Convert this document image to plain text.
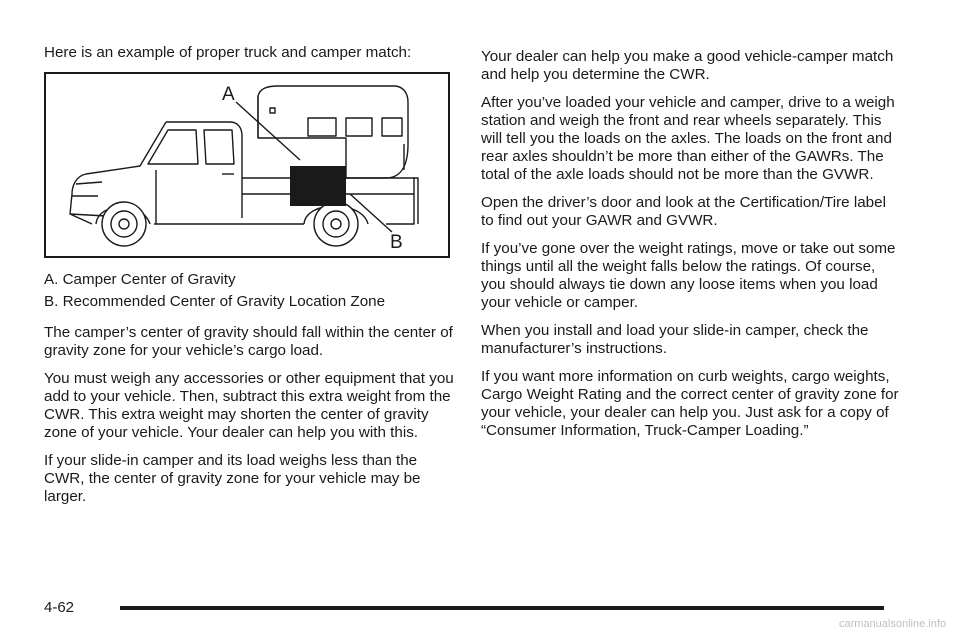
Here is an example of proper truck and camper match:

A
B

A. Camper Center of Gravity

B. Recommended Center of Gravity Location Zone

The camper’s center of gravity should fall within the center of gravity zone for your vehicle’s cargo load.

You must weigh any accessories or other equipment that you add to your vehicle. Then, subtract this extra weight from the CWR. This extra weight may shorten the center of gravity zone of your vehicle. Your dealer can help you with this.

If your slide-in camper and its load weighs less than the CWR, the center of gravity zone for your vehicle may be larger.

Your dealer can help you make a good vehicle-camper match and help you determine the CWR.

After you’ve loaded your vehicle and camper, drive to a weigh station and weigh the front and rear wheels separately. This will tell you the loads on the axles. The loads on the front and rear axles shouldn’t be more than either of the GAWRs. The total of the axle loads should not be more than the GVWR.

Open the driver’s door and look at the Certification/Tire label to find out your GAWR and GVWR.

If you’ve gone over the weight ratings, move or take out some things until all the weight falls below the ratings. Of course, you should always tie down any loose items when you load your vehicle or camper.

When you install and load your slide-in camper, check the manufacturer’s instructions.

If you want more information on curb weights, cargo weights, Cargo Weight Rating and the correct center of gravity zone for your vehicle, your dealer can help you. Just ask for a copy of “Consumer Information, Truck-Camper Loading.”

4-62
carmanualsonline.info
